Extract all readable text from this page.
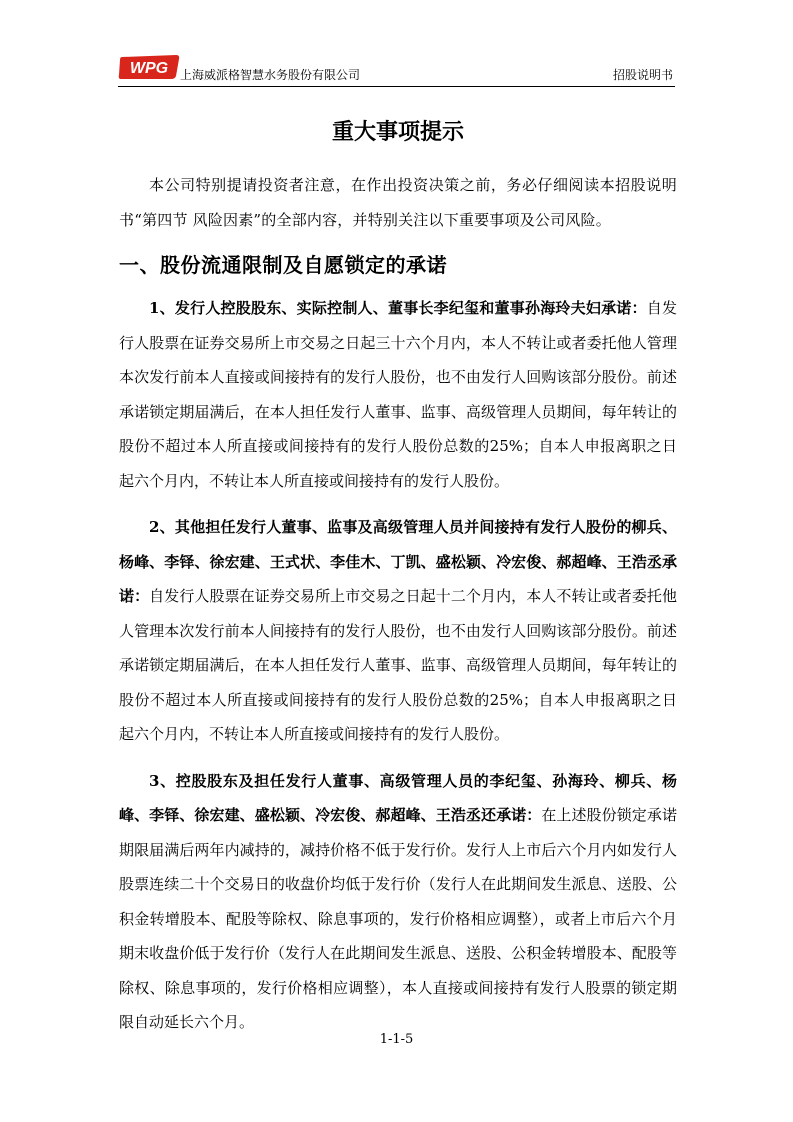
WPG 上海威派格智慧水务股份有限公司	招股说明书
重大事项提示

本公司特别提请投资者注意，在作出投资决策之前，务必仔细阅读本招股说明书“第四节 风险因素”的全部内容，并特别关注以下重要事项及公司风险。

一、股份流通限制及自愿锁定的承诺

1、发行人控股股东、实际控制人、董事长李纪玺和董事孙海玲夫妇承诺：自发行人股票在证券交易所上市交易之日起三十六个月内，本人不转让或者委托他人管理本次发行前本人直接或间接持有的发行人股份，也不由发行人回购该部分股份。前述承诺锁定期届满后，在本人担任发行人董事、监事、高级管理人员期间，每年转让的股份不超过本人所直接或间接持有的发行人股份总数的25%；自本人申报离职之日起六个月内，不转让本人所直接或间接持有的发行人股份。

2、其他担任发行人董事、监事及高级管理人员并间接持有发行人股份的柳兵、杨峰、李铎、徐宏建、王式状、李佳木、丁凯、盛松颖、冷宏俊、郝超峰、王浩丞承诺：自发行人股票在证券交易所上市交易之日起十二个月内，本人不转让或者委托他人管理本次发行前本人间接持有的发行人股份，也不由发行人回购该部分股份。前述承诺锁定期届满后，在本人担任发行人董事、监事、高级管理人员期间，每年转让的股份不超过本人所直接或间接持有的发行人股份总数的25%；自本人申报离职之日起六个月内，不转让本人所直接或间接持有的发行人股份。

3、控股股东及担任发行人董事、高级管理人员的李纪玺、孙海玲、柳兵、杨峰、李铎、徐宏建、盛松颖、冷宏俊、郝超峰、王浩丞还承诺：在上述股份锁定承诺期限届满后两年内减持的，减持价格不低于发行价。发行人上市后六个月内如发行人股票连续二十个交易日的收盘价均低于发行价（发行人在此期间发生派息、送股、公积金转增股本、配股等除权、除息事项的，发行价格相应调整），或者上市后六个月期末收盘价低于发行价（发行人在此期间发生派息、送股、公积金转增股本、配股等除权、除息事项的，发行价格相应调整），本人直接或间接持有发行人股票的锁定期限自动延长六个月。

1-1-5
